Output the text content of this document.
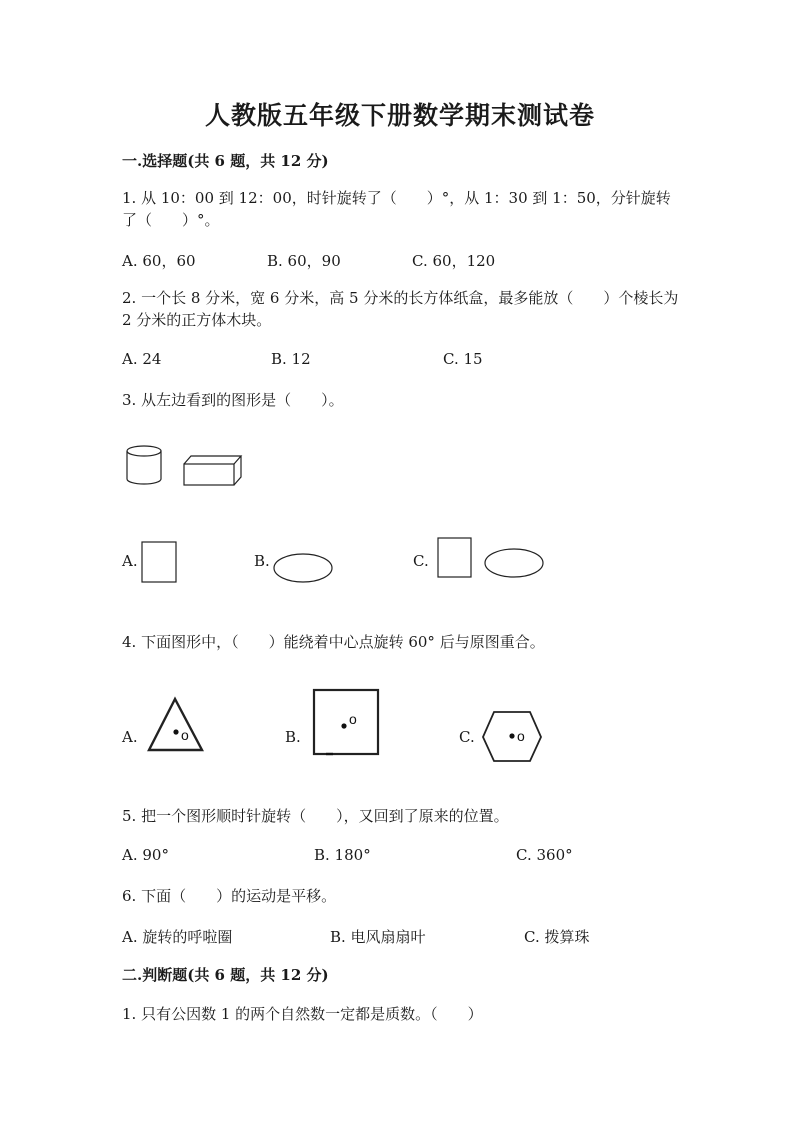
人教版五年级下册数学期末测试卷
一.选择题(共 6 题，共 12 分)
1. 从 10：00 到 12：00，时针旋转了（　　）°，从 1：30 到 1：50，分针旋转了（　　）°。
A. 60，60	B. 60，90	C. 60，120
2. 一个长 8 分米，宽 6 分米，高 5 分米的长方体纸盒，最多能放（　　）个棱长为 2 分米的正方体木块。
A. 24	B. 12	C. 15
3. 从左边看到的图形是（　　）。
o
o
o
A.	B.	C.
4. 下面图形中，（　　）能绕着中心点旋转 60° 后与原图重合。
A.	B.	C.
5. 把一个图形顺时针旋转（　　），又回到了原来的位置。
A. 90°	B. 180°	C. 360°
6. 下面（　　）的运动是平移。
A. 旋转的呼啦圈	B. 电风扇扇叶	C. 拨算珠
二.判断题(共 6 题，共 12 分)
1. 只有公因数 1 的两个自然数一定都是质数。（　　）
